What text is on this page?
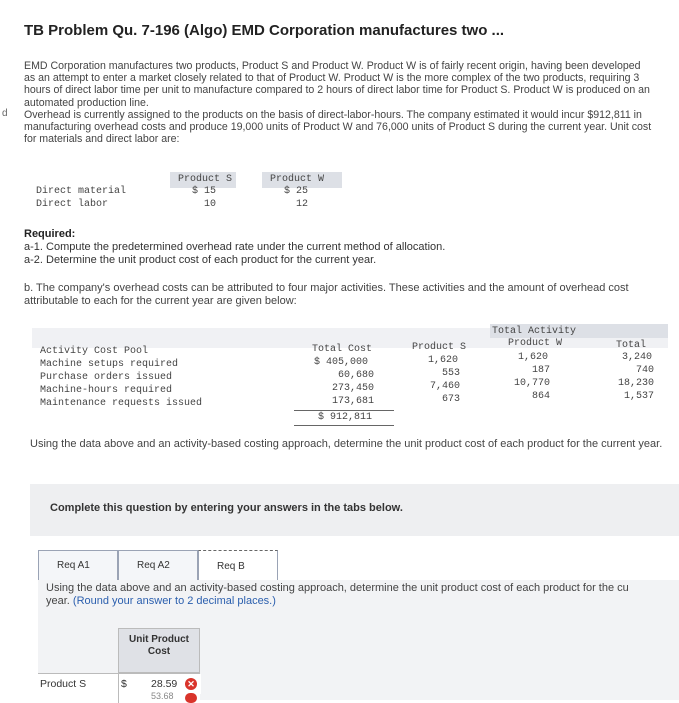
d
TB Problem Qu. 7-196 (Algo) EMD Corporation manufactures two ...

EMD Corporation manufactures two products, Product S and Product W. Product W is of fairly recent origin, having been developed as an attempt to enter a market closely related to that of Product W. Product W is the more complex of the two products, requiring 3 hours of direct labor time per unit to manufacture compared to 2 hours of direct labor time for Product S. Product W is produced on an automated production line.

Overhead is currently assigned to the products on the basis of direct-labor-hours. The company estimated it would incur $912,811 in manufacturing overhead costs and produce 19,000 units of Product W and 76,000 units of Product S during the current year. Unit cost for materials and direct labor are:

Product S	Product W
Direct material	$ 15	$ 25
Direct labor	10	12
Required:
a-1. Compute the predetermined overhead rate under the current method of allocation.
a-2. Determine the unit product cost of each product for the current year.
b. The company's overhead costs can be attributed to four major activities. These activities and the amount of overhead cost attributable to each for the current year are given below:
Total Activity
Activity Cost Pool	Total Cost	Product S	Product W	Total
Machine setups required	$ 405,000	1,620	1,620	3,240
Purchase orders issued	60,680	553	187	740
Machine-hours required	273,450	7,460	10,770	18,230
Maintenance requests issued	173,681	673	864	1,537
$ 912,811
Using the data above and an activity-based costing approach, determine the unit product cost of each product for the current year.
Complete this question by entering your answers in the tabs below.
Req A1	Req A2	Req B
Using the data above and an activity-based costing approach, determine the unit product cost of each product for the cu
year. (Round your answer to 2 decimal places.)
Unit Product Cost
Product S	$ 28.59 ✕
53.68
